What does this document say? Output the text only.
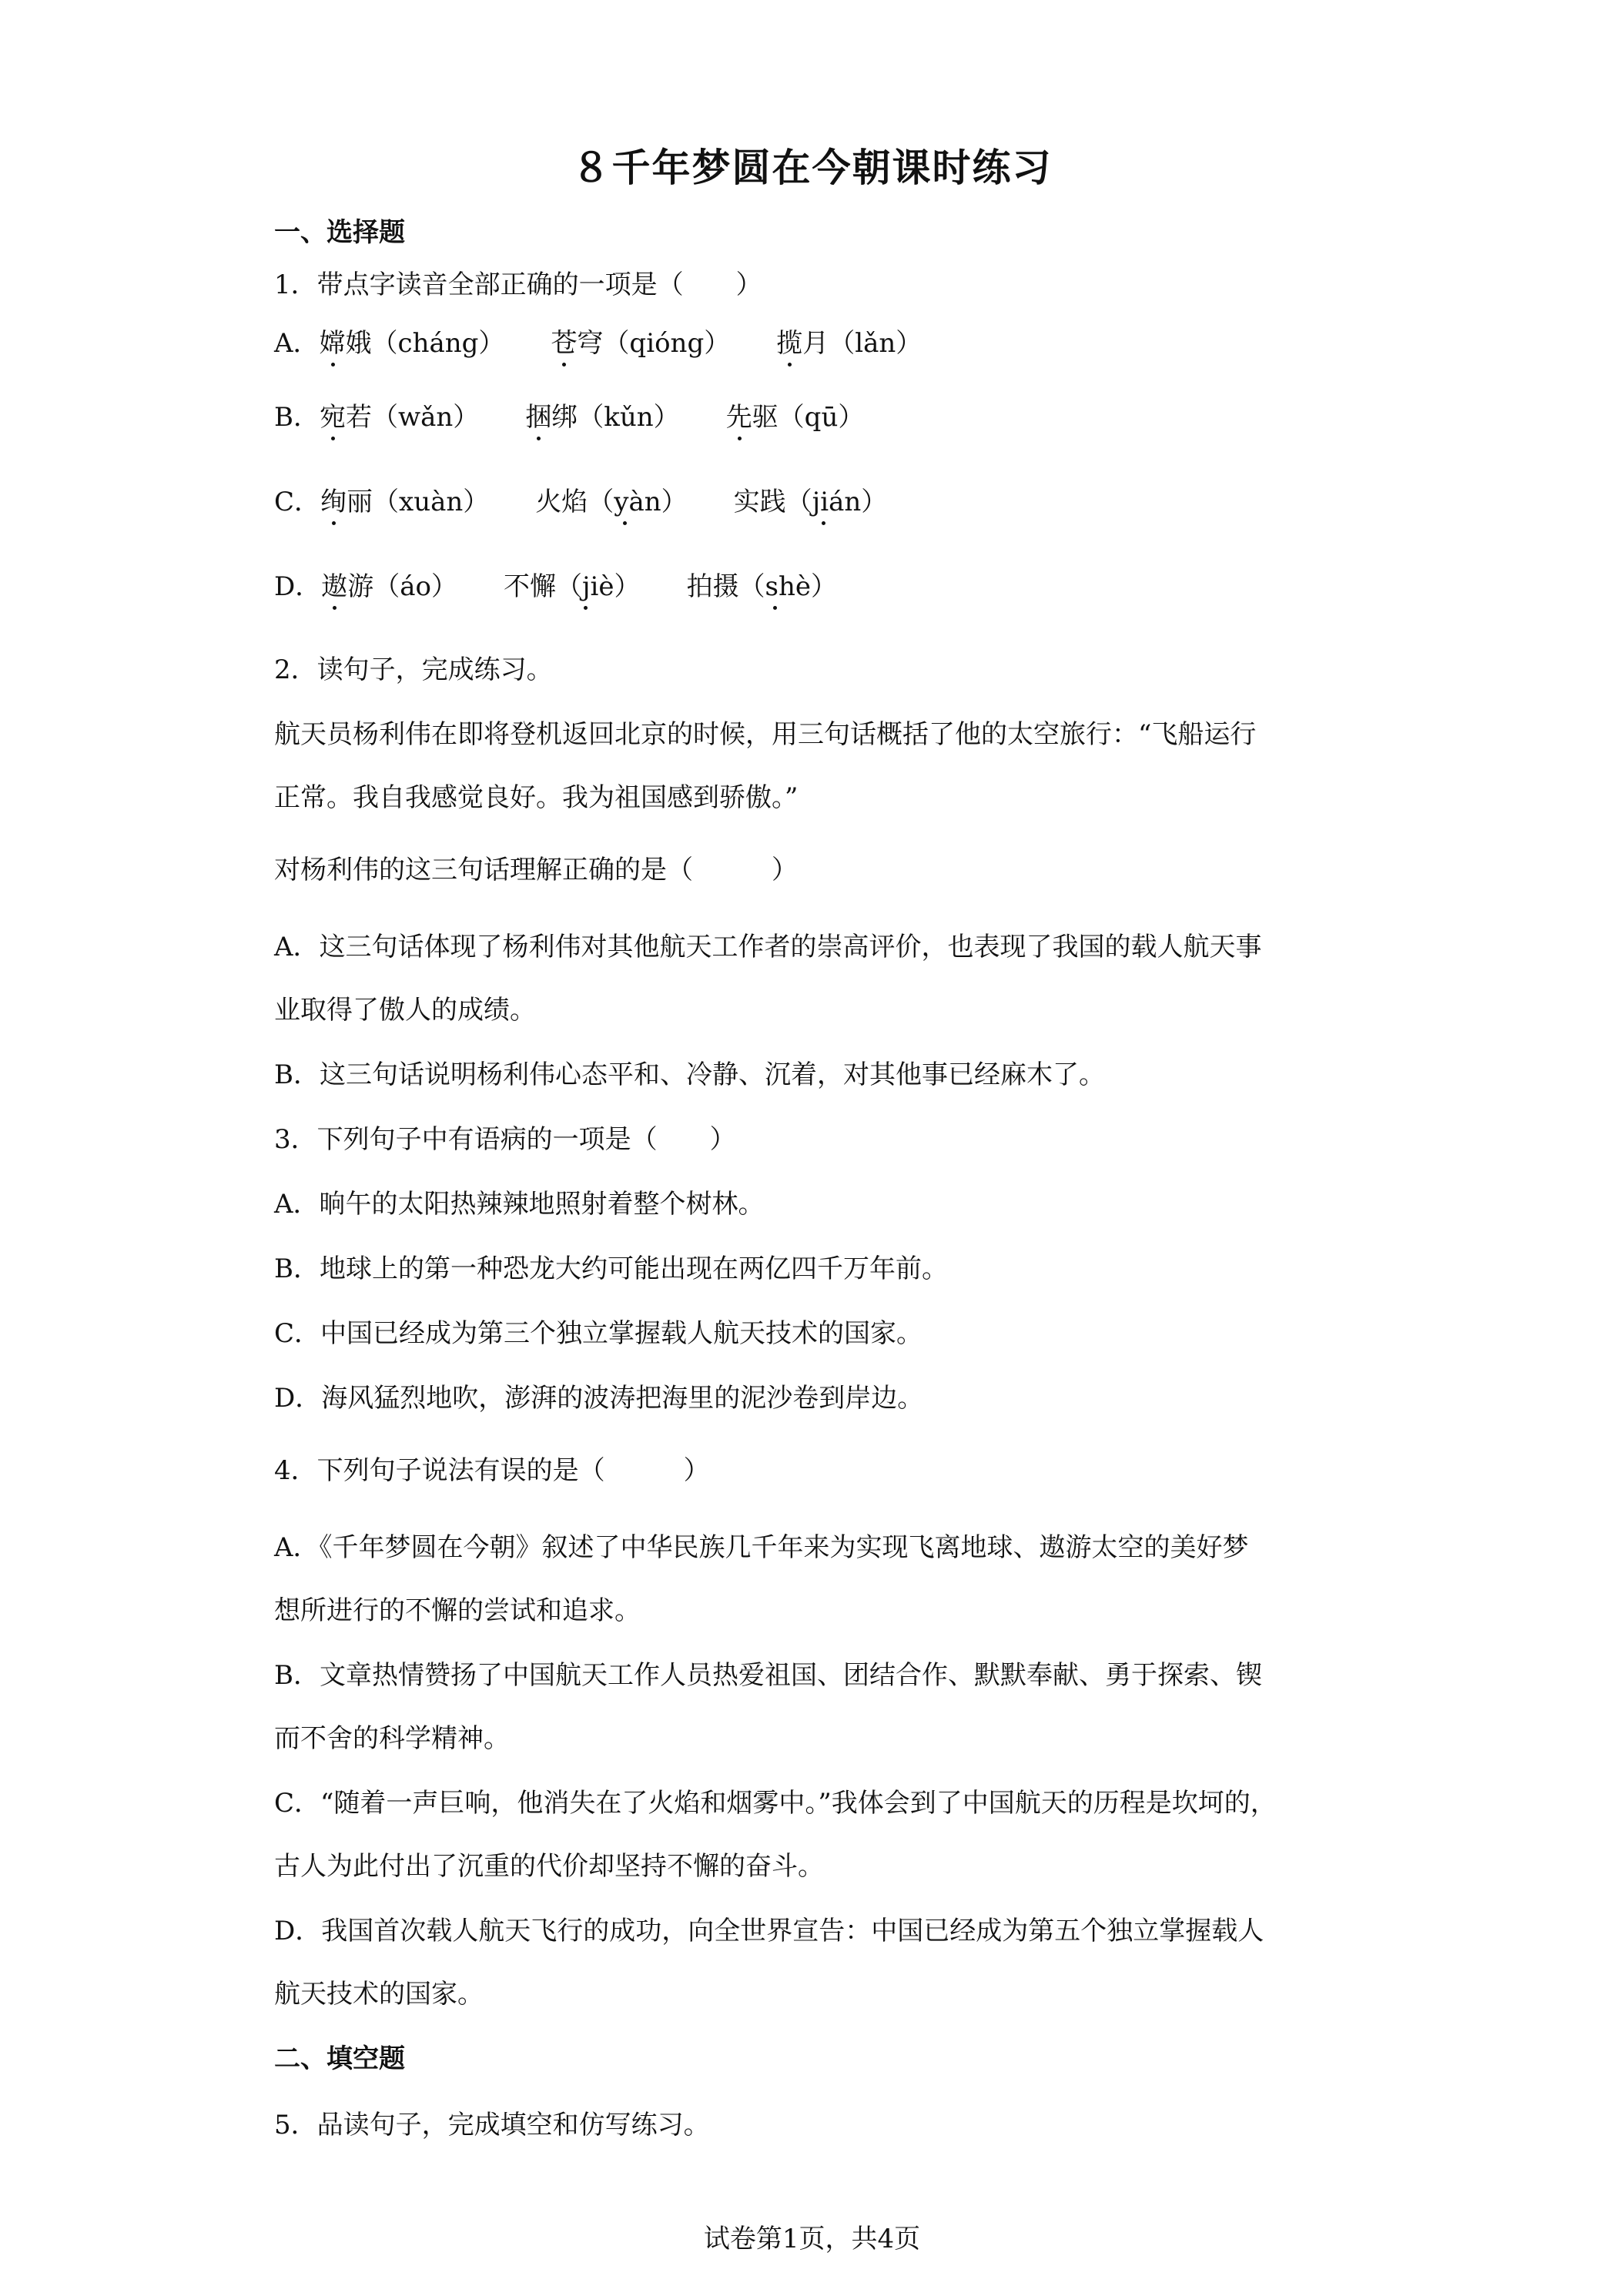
８千年梦圆在今朝课时练习
一、选择题
1．带点字读音全部正确的一项是（　　）
A．嫦娥（cháng） 苍穹（qióng） 揽月（lǎn）
B．宛若（wǎn） 捆绑（kǔn） 先驱（qū）
C．绚丽（xuàn） 火焰（yàn） 实践（jián）
D．遨游（áo） 不懈（jiè） 拍摄（shè）
2．读句子，完成练习。
航天员杨利伟在即将登机返回北京的时候，用三句话概括了他的太空旅行：“飞船运行
正常。我自我感觉良好。我为祖国感到骄傲。”
对杨利伟的这三句话理解正确的是（　　　）
A．这三句话体现了杨利伟对其他航天工作者的崇高评价，也表现了我国的载人航天事
业取得了傲人的成绩。
B．这三句话说明杨利伟心态平和、冷静、沉着，对其他事已经麻木了。
3．下列句子中有语病的一项是（　　）
A．晌午的太阳热辣辣地照射着整个树林。
B．地球上的第一种恐龙大约可能出现在两亿四千万年前。
C．中国已经成为第三个独立掌握载人航天技术的国家。
D．海风猛烈地吹，澎湃的波涛把海里的泥沙卷到岸边。
4．下列句子说法有误的是（　　　）
A．《千年梦圆在今朝》叙述了中华民族几千年来为实现飞离地球、遨游太空的美好梦
想所进行的不懈的尝试和追求。
B．文章热情赞扬了中国航天工作人员热爱祖国、团结合作、默默奉献、勇于探索、锲
而不舍的科学精神。
C．“随着一声巨响，他消失在了火焰和烟雾中。”我体会到了中国航天的历程是坎坷的，
古人为此付出了沉重的代价却坚持不懈的奋斗。
D．我国首次载人航天飞行的成功，向全世界宣告：中国已经成为第五个独立掌握载人
航天技术的国家。
二、填空题
5．品读句子，完成填空和仿写练习。
试卷第1页，共4页
